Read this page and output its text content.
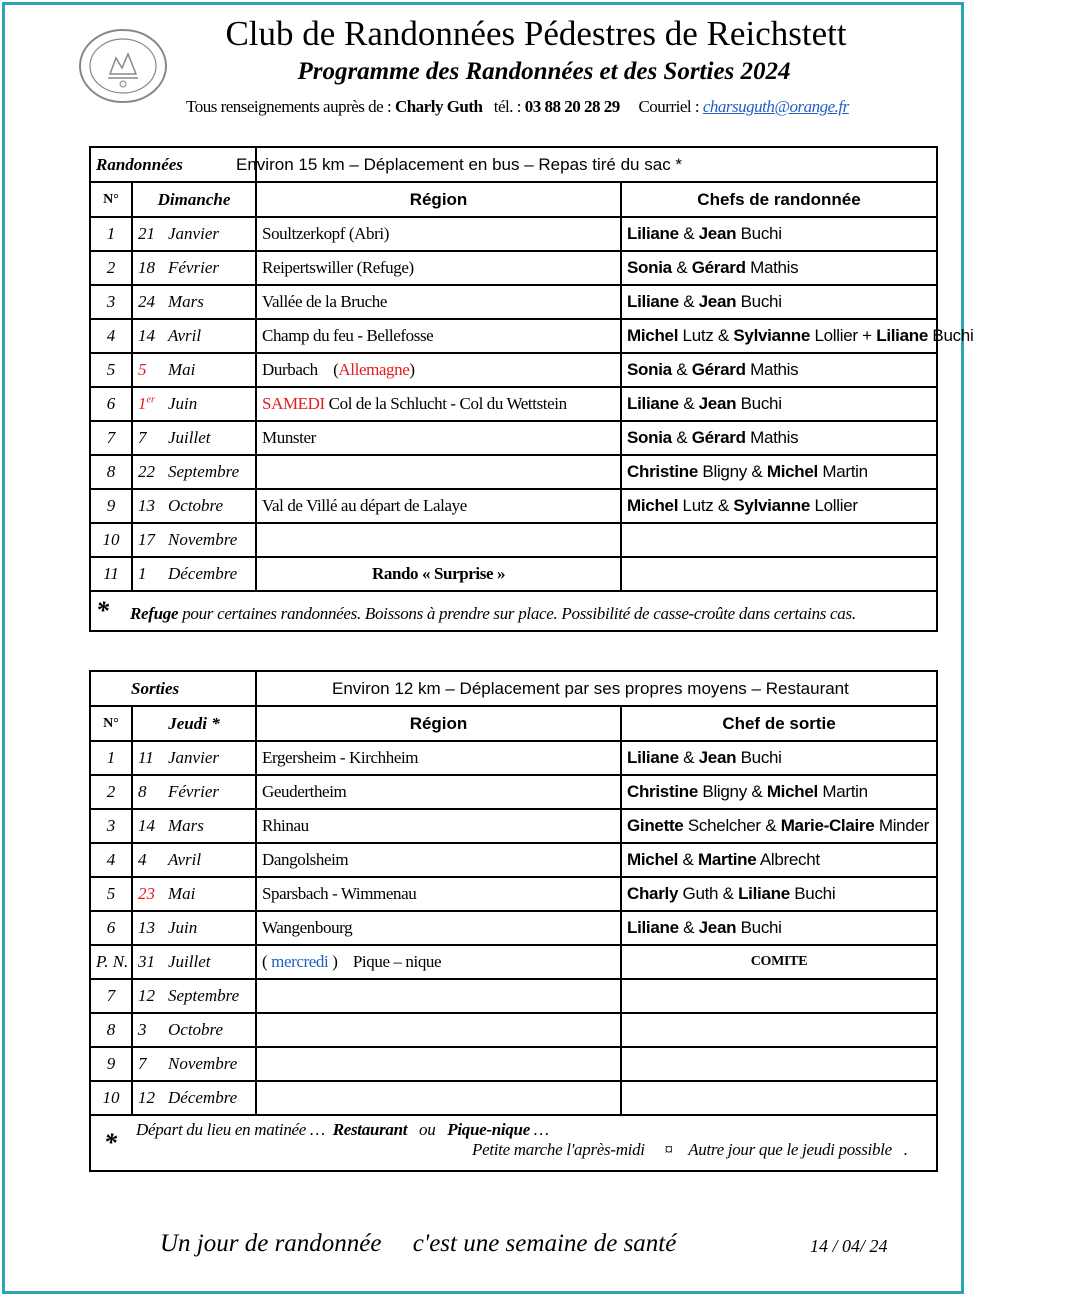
Club de Randonnées Pédestres de Reichstett
Programme des Randonnées et des Sorties 2024
Tous renseignements auprès de : Charly Guth tél. : 03 88 20 28 29 Courriel : charsuguth@orange.fr
Randonnées		Environ 15 km – Déplacement en bus – Repas tiré du sac *	
N°	Dimanche	Région	Chefs de randonnée
1	21 Janvier	Soultzerkopf (Abri)	Liliane & Jean Buchi
2	18 Février	Reipertswiller (Refuge)	Sonia & Gérard Mathis
3	24 Mars	Vallée de la Bruche	Liliane & Jean Buchi
4	14 Avril	Champ du feu - Bellefosse	Michel Lutz & Sylvianne Lollier + Liliane Buchi
5	5 Mai	Durbach (Allemagne)	Sonia & Gérard Mathis
6	1er Juin	SAMEDI Col de la Schlucht - Col du Wettstein	Liliane & Jean Buchi
7	7 Juillet	Munster	Sonia & Gérard Mathis
8	22 Septembre		Christine Bligny & Michel Martin
9	13 Octobre	Val de Villé au départ de Lalaye	Michel Lutz & Sylvianne Lollier
10	17 Novembre		
11	1 Décembre	Rando « Surprise »	
* Refuge pour certaines randonnées. Boissons à prendre sur place. Possibilité de casse-croûte dans certains cas.			
Sorties		Environ 12 km – Déplacement par ses propres moyens – Restaurant	
N°	Jeudi *	Région	Chef de sortie
1	11 Janvier	Ergersheim - Kirchheim	Liliane & Jean Buchi
2	8 Février	Geudertheim	Christine Bligny & Michel Martin
3	14 Mars	Rhinau	Ginette Schelcher & Marie-Claire Minder
4	4 Avril	Dangolsheim	Michel & Martine Albrecht
5	23 Mai	Sparsbach - Wimmenau	Charly Guth & Liliane Buchi
6	13 Juin	Wangenbourg	Liliane & Jean Buchi
P. N.	31 Juillet	( mercredi ) Pique – nique	COMITE
7	12 Septembre		
8	3 Octobre		
9	7 Novembre		
10	12 Décembre		

* Départ du lieu en matinée … Restaurant ou Pique-nique …
Petite marche l'après-midi ¤ Autre jour que le jeudi possible .			
Un jour de randonnée c'est une semaine de santé	14 / 04/ 24
